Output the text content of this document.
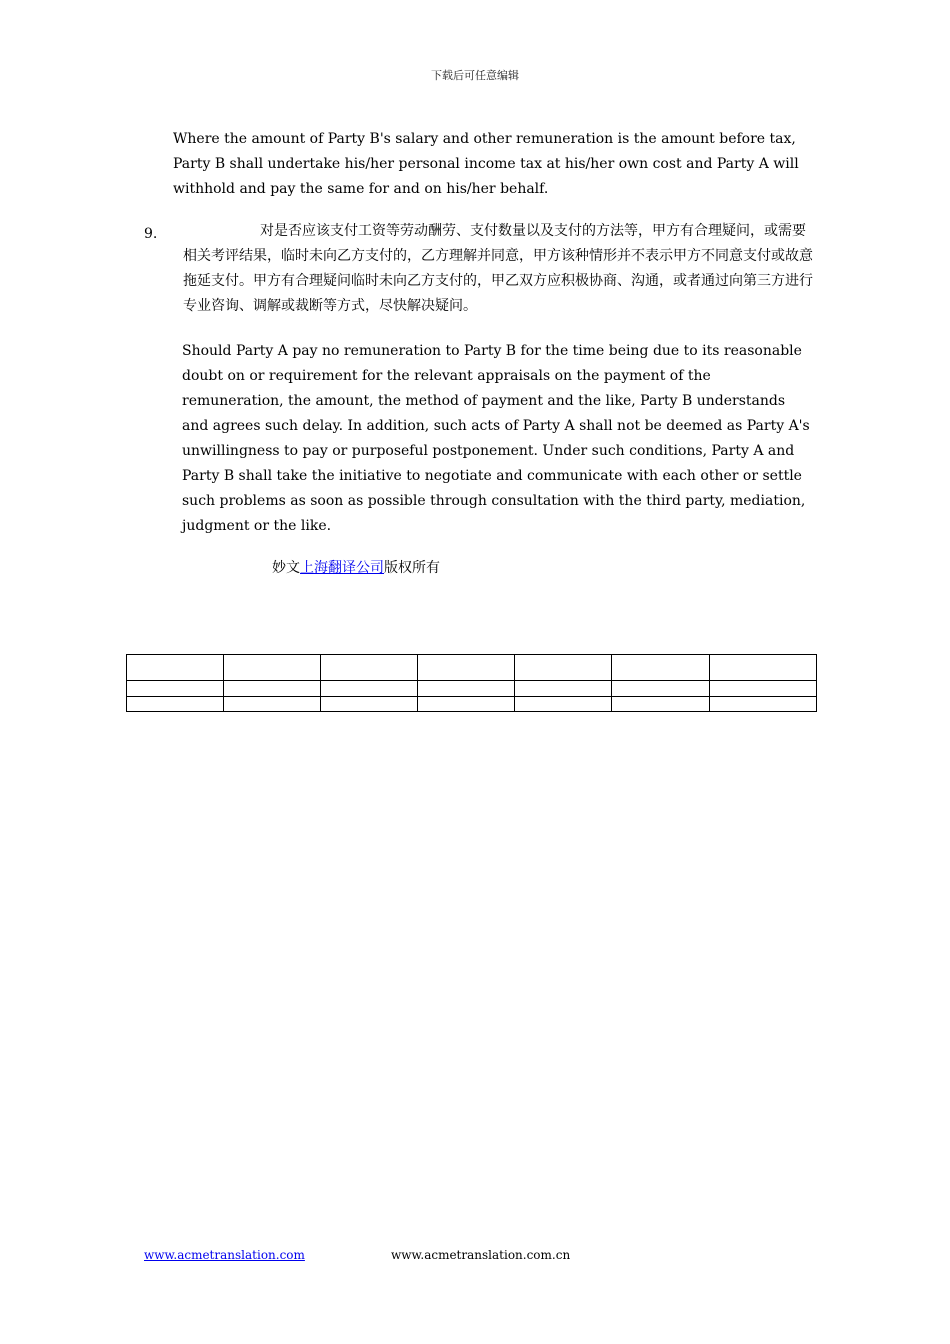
下载后可任意编辑

Where the amount of Party B's salary and other remuneration is the amount before tax, Party B shall undertake his/her personal income tax at his/her own cost and Party A will withhold and pay the same for and on his/her behalf.

9.	对是否应该支付工资等劳动酬劳、支付数量以及支付的方法等，甲方有合理疑问，或需要相关考评结果，临时未向乙方支付的，乙方理解并同意，甲方该种情形并不表示甲方不同意支付或故意拖延支付。甲方有合理疑问临时未向乙方支付的，甲乙双方应积极协商、沟通，或者通过向第三方进行专业咨询、调解或裁断等方式，尽快解决疑问。

Should Party A pay no remuneration to Party B for the time being due to its reasonable doubt on or requirement for the relevant appraisals on the payment of the remuneration, the amount, the method of payment and the like, Party B understands and agrees such delay. In addition, such acts of Party A shall not be deemed as Party A's unwillingness to pay or purposeful postponement. Under such conditions, Party A and Party B shall take the initiative to negotiate and communicate with each other or settle such problems as soon as possible through consultation with the third party, mediation, judgment or the like.

妙文上海翻译公司版权所有

www.acmetranslation.com	www.acmetranslation.com.cn
